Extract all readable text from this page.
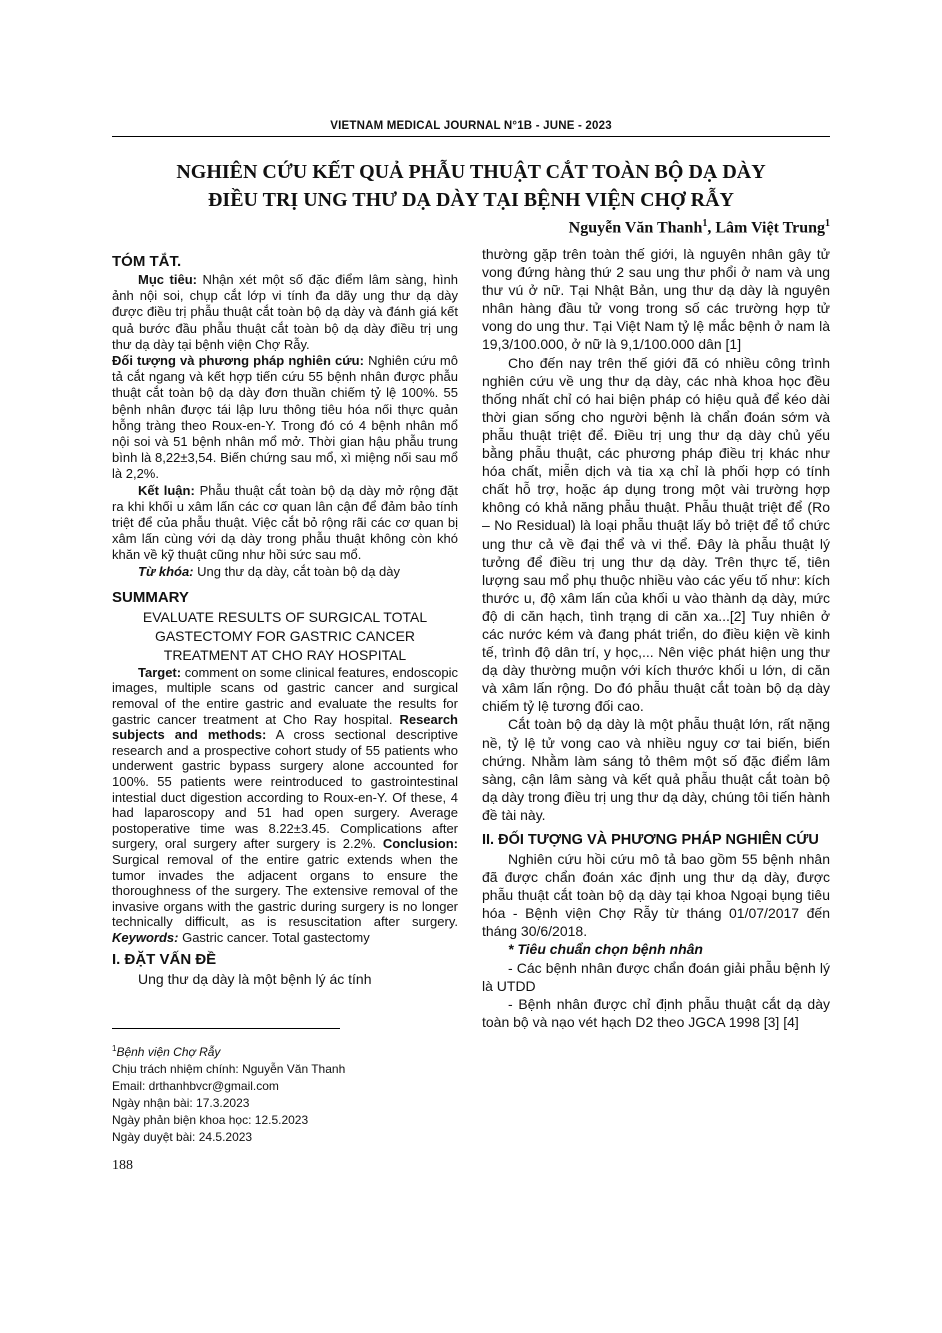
VIETNAM MEDICAL JOURNAL N°1B - JUNE - 2023
NGHIÊN CỨU KẾT QUẢ PHẪU THUẬT CẮT TOÀN BỘ DẠ DÀY
ĐIỀU TRỊ UNG THƯ DẠ DÀY TẠI BỆNH VIỆN CHỢ RẪY
Nguyễn Văn Thanh$^1$, Lâm Việt Trung$^1$
TÓM TẮT.

Mục tiêu: Nhận xét một số đặc điểm lâm sàng, hình ảnh nội soi, chụp cắt lớp vi tính đa dãy ung thư dạ dày được điều trị phẫu thuật cắt toàn bộ dạ dày và đánh giá kết quả bước đầu phẫu thuật cắt toàn bộ dạ dày điều trị ung thư dạ dày tại bệnh viện Chợ Rẫy.

Đối tượng và phương pháp nghiên cứu: Nghiên cứu mô tả cắt ngang và kết hợp tiến cứu 55 bệnh nhân được phẫu thuật cắt toàn bộ dạ dày đơn thuần chiếm tỷ lệ 100%. 55 bệnh nhân được tái lập lưu thông tiêu hóa nối thực quản hỗng tràng theo Roux-en-Y. Trong đó có 4 bệnh nhân mổ nội soi và 51 bệnh nhân mổ mở. Thời gian hậu phẫu trung bình là 8,22±3,54. Biến chứng sau mổ, xì miệng nối sau mổ là 2,2%.

Kết luận: Phẫu thuật cắt toàn bộ dạ dày mở rộng đặt ra khi khối u xâm lấn các cơ quan lân cận để đảm bảo tính triệt để của phẫu thuật. Việc cắt bỏ rộng rãi các cơ quan bị xâm lấn cùng với dạ dày trong phẫu thuật không còn khó khăn về kỹ thuật cũng như hồi sức sau mổ.

Từ khóa: Ung thư dạ dày, cắt toàn bộ dạ dày

SUMMARY

EVALUATE RESULTS OF SURGICAL TOTAL

GASTECTOMY FOR GASTRIC CANCER

TREATMENT AT CHO RAY HOSPITAL

Target: comment on some clinical features, endoscopic images, multiple scans od gastric cancer and surgical removal of the entire gastric and evaluate the results for gastric cancer treatment at Cho Ray hospital. Research subjects and methods: A cross sectional descriptive research and a prospective cohort study of 55 patients who underwent gastric bypass surgery alone accounted for 100%. 55 patients were reintroduced to gastrointestinal intestial duct digestion according to Roux-en-Y. Of these, 4 had laparoscopy and 51 had open surgery. Average postoperative time was 8.22±3.45. Complications after surgery, oral surgery after surgery is 2.2%. Conclusion: Surgical removal of the entire gatric extends when the tumor invades the adjacent organs to ensure the thoroughness of the surgery. The extensive removal of the invasive organs with the gastric during surgery is no longer technically difficult, as is resuscitation after surgery. Keywords: Gastric cancer. Total gastectomy

I. ĐẶT VẤN ĐỀ

Ung thư dạ dày là một bệnh lý ác tính

thường gặp trên toàn thế giới, là nguyên nhân gây tử vong đứng hàng thứ 2 sau ung thư phổi ở nam và ung thư vú ở nữ. Tại Nhật Bản, ung thư dạ dày là nguyên nhân hàng đầu tử vong trong số các trường hợp tử vong do ung thư. Tại Việt Nam tỷ lệ mắc bệnh ở nam là 19,3/100.000, ở nữ là 9,1/100.000 dân [1]

Cho đến nay trên thế giới đã có nhiều công trình nghiên cứu về ung thư dạ dày, các nhà khoa học đều thống nhất chỉ có hai biện pháp có hiệu quả để kéo dài thời gian sống cho người bệnh là chẩn đoán sớm và phẫu thuật triệt để. Điều trị ung thư dạ dày chủ yếu bằng phẫu thuật, các phương pháp điều trị khác như hóa chất, miễn dịch và tia xạ chỉ là phối hợp có tính chất hỗ trợ, hoặc áp dụng trong một vài trường hợp không có khả năng phẫu thuật. Phẫu thuật triệt để (Ro – No Residual) là loại phẫu thuật lấy bỏ triệt để tổ chức ung thư cả về đại thể và vi thể. Đây là phẫu thuật lý tưởng để điều trị ung thư dạ dày. Trên thực tế, tiên lượng sau mổ phụ thuộc nhiều vào các yếu tố như: kích thước u, độ xâm lấn của khối u vào thành dạ dày, mức độ di căn hạch, tình trạng di căn xa...[2] Tuy nhiên ở các nước kém và đang phát triển, do điều kiện về kinh tế, trình độ dân trí, y học,... Nên việc phát hiện ung thư dạ dày thường muộn với kích thước khối u lớn, di căn và xâm lấn rộng. Do đó phẫu thuật cắt toàn bộ dạ dày chiếm tỷ lệ tương đối cao.

Cắt toàn bộ dạ dày là một phẫu thuật lớn, rất nặng nề, tỷ lệ tử vong cao và nhiều nguy cơ tai biến, biến chứng. Nhằm làm sáng tỏ thêm một số đặc điểm lâm sàng, cận lâm sàng và kết quả phẫu thuật cắt toàn bộ dạ dày trong điều trị ung thư dạ dày, chúng tôi tiến hành đề tài này.

II. ĐỐI TƯỢNG VÀ PHƯƠNG PHÁP NGHIÊN CỨU

Nghiên cứu hồi cứu mô tả bao gồm 55 bệnh nhân đã được chẩn đoán xác định ung thư dạ dày, được phẫu thuật cắt toàn bộ dạ dày tại khoa Ngoại bụng tiêu hóa - Bệnh viện Chợ Rẫy từ tháng 01/07/2017 đến tháng 30/6/2018.

* Tiêu chuẩn chọn bệnh nhân

- Các bệnh nhân được chẩn đoán giải phẫu bệnh lý là UTDD

- Bệnh nhân được chỉ định phẫu thuật cắt dạ dày toàn bộ và nạo vét hạch D2 theo JGCA 1998 [3] [4]

$^1$Bệnh viện Chợ Rẫy
Chịu trách nhiệm chính: Nguyễn Văn Thanh
Email: drthanhbvcr@gmail.com
Ngày nhận bài: 17.3.2023
Ngày phản biện khoa học: 12.5.2023
Ngày duyệt bài: 24.5.2023
188
